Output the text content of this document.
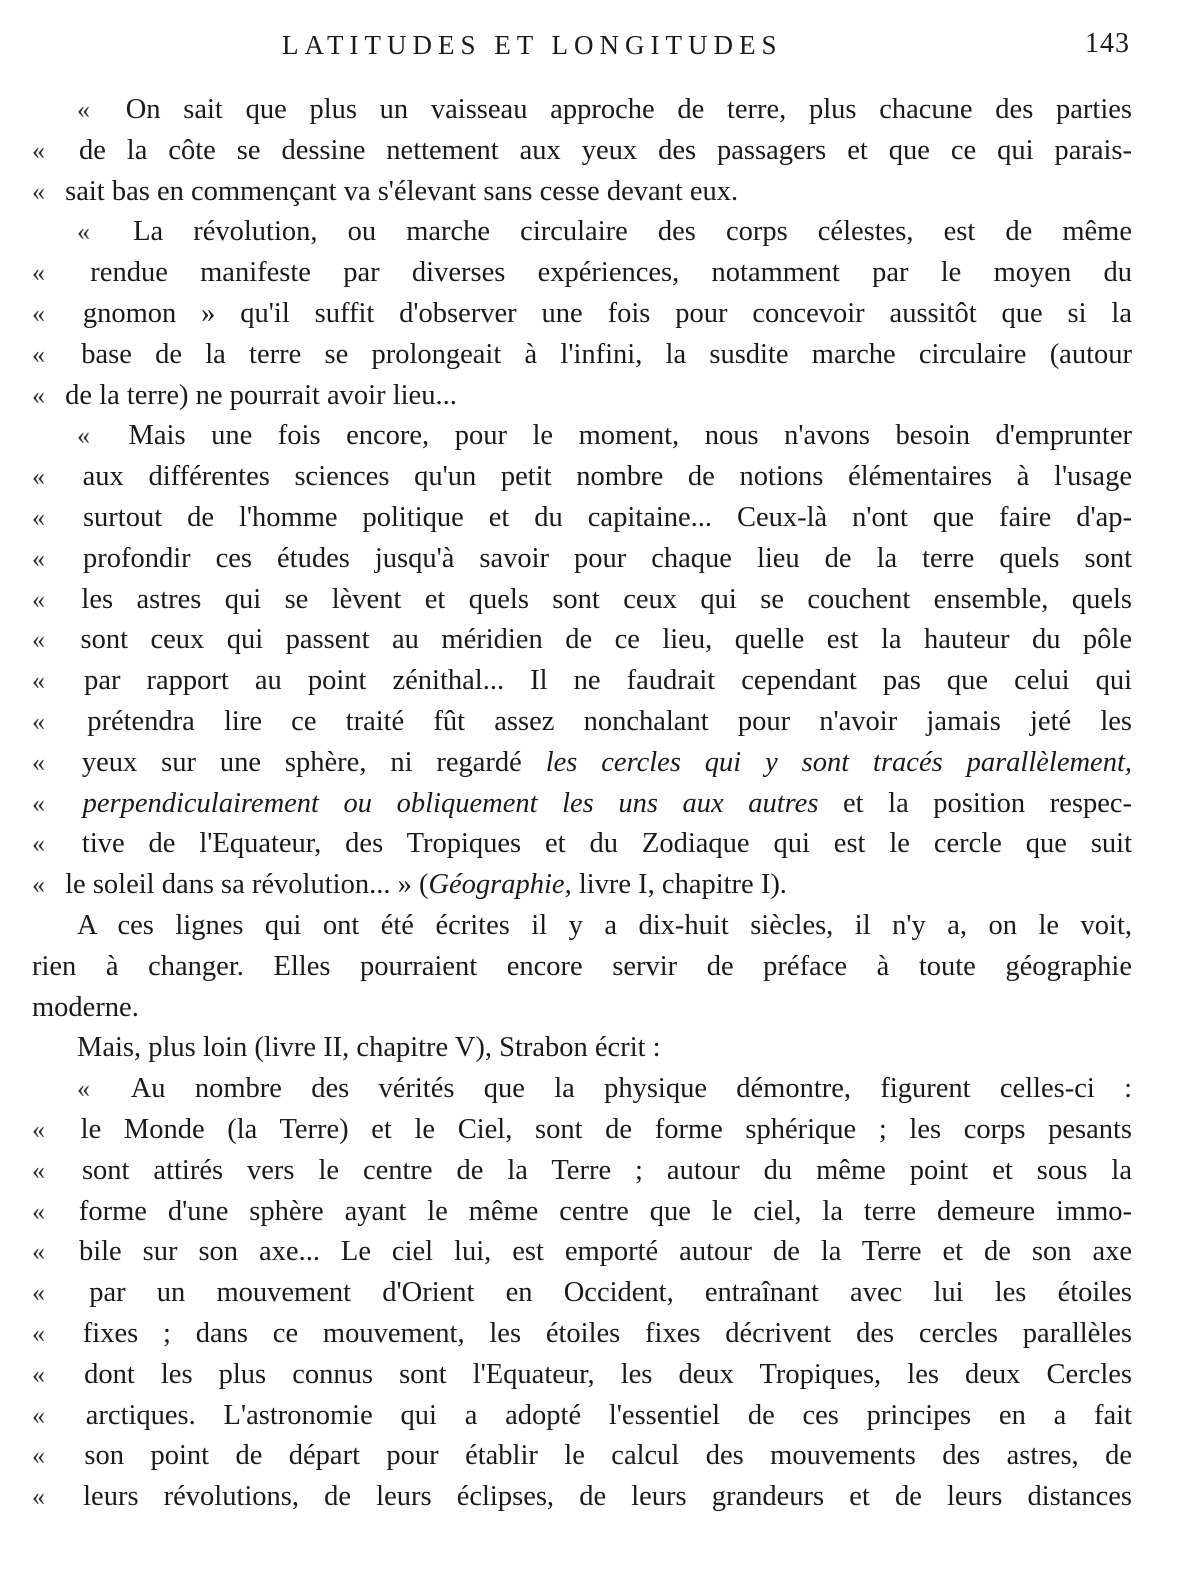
LATITUDES ET LONGITUDES	143
« On sait que plus un vaisseau approche de terre, plus chacune des parties
« de la côte se dessine nettement aux yeux des passagers et que ce qui parais-
« sait bas en commençant va s'élevant sans cesse devant eux.
« La révolution, ou marche circulaire des corps célestes, est de même
« rendue manifeste par diverses expériences, notamment par le moyen du
« gnomon » qu'il suffit d'observer une fois pour concevoir aussitôt que si la
« base de la terre se prolongeait à l'infini, la susdite marche circulaire (autour
« de la terre) ne pourrait avoir lieu...
« Mais une fois encore, pour le moment, nous n'avons besoin d'emprunter
« aux différentes sciences qu'un petit nombre de notions élémentaires à l'usage
« surtout de l'homme politique et du capitaine... Ceux-là n'ont que faire d'ap-
« profondir ces études jusqu'à savoir pour chaque lieu de la terre quels sont
« les astres qui se lèvent et quels sont ceux qui se couchent ensemble, quels
« sont ceux qui passent au méridien de ce lieu, quelle est la hauteur du pôle
« par rapport au point zénithal... Il ne faudrait cependant pas que celui qui
« prétendra lire ce traité fût assez nonchalant pour n'avoir jamais jeté les
« yeux sur une sphère, ni regardé les cercles qui y sont tracés parallèlement,
« perpendiculairement ou obliquement les uns aux autres et la position respec-
« tive de l'Equateur, des Tropiques et du Zodiaque qui est le cercle que suit
« le soleil dans sa révolution... » (Géographie, livre I, chapitre I).
A ces lignes qui ont été écrites il y a dix-huit siècles, il n'y a, on le voit,
rien à changer. Elles pourraient encore servir de préface à toute géographie
moderne.
Mais, plus loin (livre II, chapitre V), Strabon écrit :
« Au nombre des vérités que la physique démontre, figurent celles-ci :
« le Monde (la Terre) et le Ciel, sont de forme sphérique ; les corps pesants
« sont attirés vers le centre de la Terre ; autour du même point et sous la
« forme d'une sphère ayant le même centre que le ciel, la terre demeure immo-
« bile sur son axe... Le ciel lui, est emporté autour de la Terre et de son axe
« par un mouvement d'Orient en Occident, entraînant avec lui les étoiles
« fixes ; dans ce mouvement, les étoiles fixes décrivent des cercles parallèles
« dont les plus connus sont l'Equateur, les deux Tropiques, les deux Cercles
« arctiques. L'astronomie qui a adopté l'essentiel de ces principes en a fait
« son point de départ pour établir le calcul des mouvements des astres, de
« leurs révolutions, de leurs éclipses, de leurs grandeurs et de leurs distances
